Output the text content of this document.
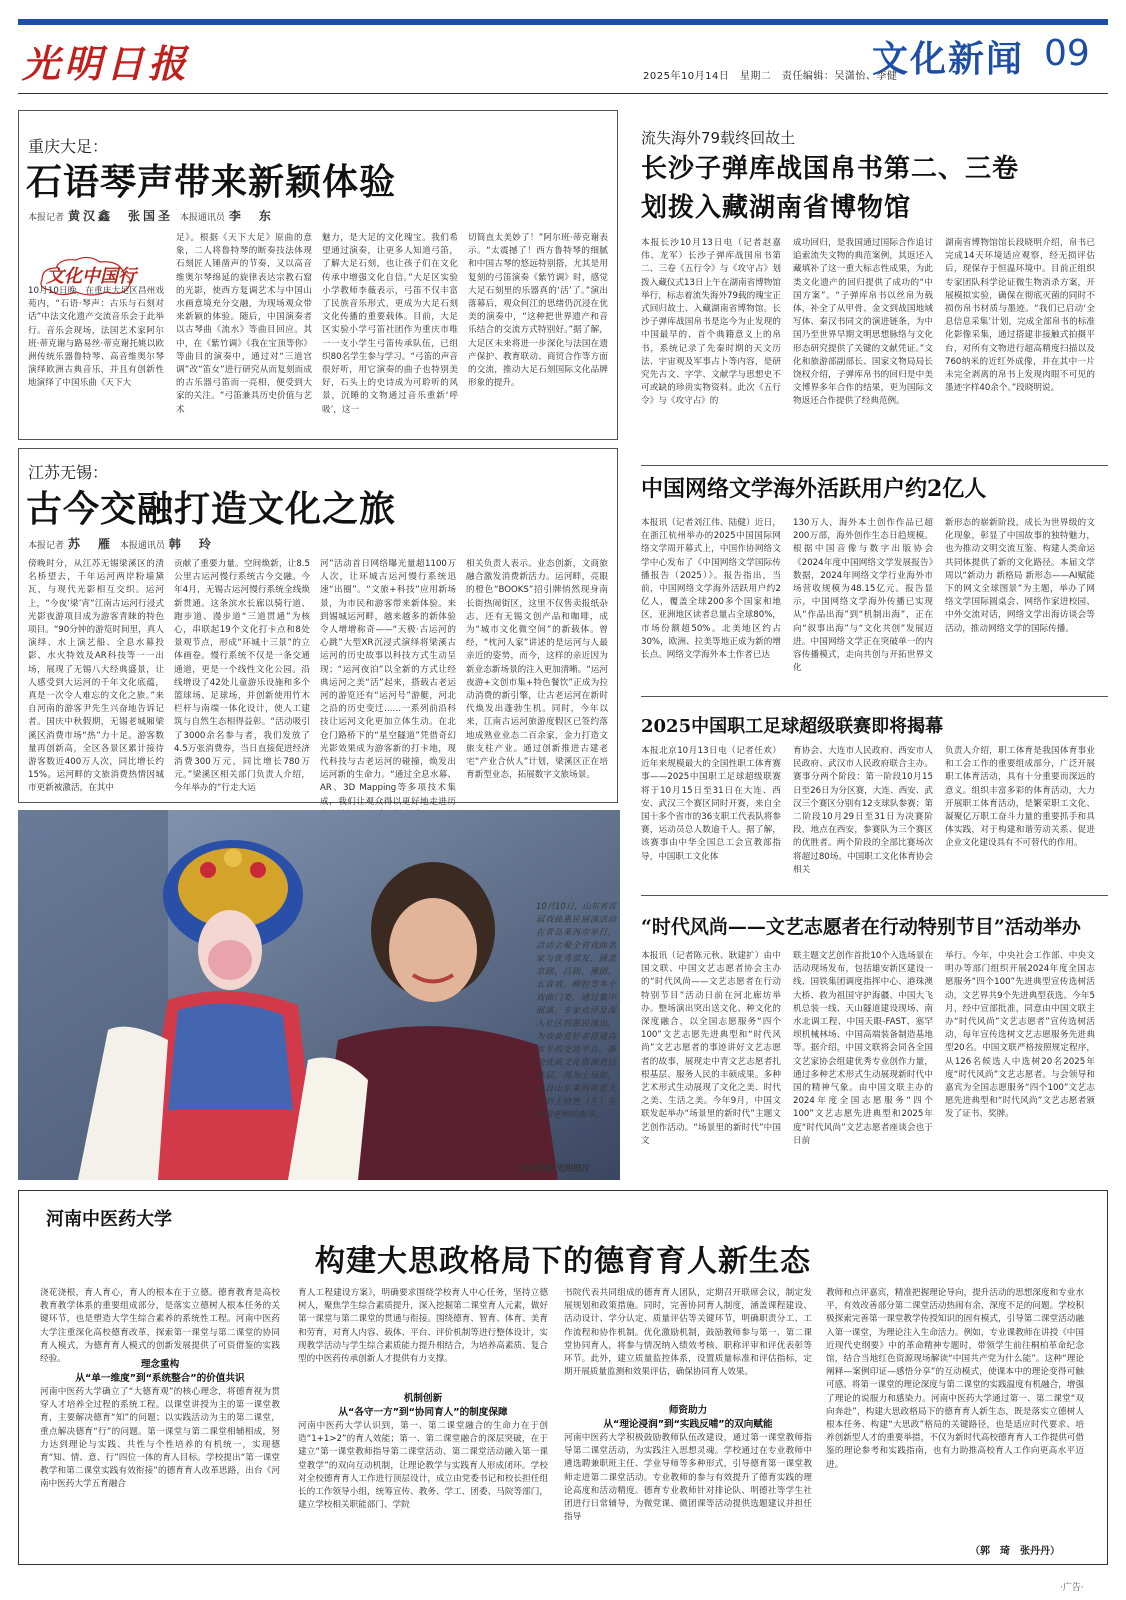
光明日报	2025年10月14日　星期二　责任编辑：吴潇怡、李健
文化新闻 09
重庆大足：
石语琴声带来新颖体验
本报记者 黄汉鑫　张国圣 本报通讯员 李　东
文化中国行
10月10日晚，在重庆大足区昌州戏苑内，“石语·琴声：古乐与石刻对话”中法文化遗产交流音乐会于此举行。音乐会现场，法国艺术家阿尔班·蒂克谢与路易丝·蒂克谢托姚以欧洲传统乐器鲁特琴、高音维奥尔琴演绎欧洲古典音乐，并且有创新性地演绎了中国乐曲《天下大
足》。根据《天下大足》原曲的意象，二人将鲁特琴的断奏技法体现石刻匠人锤凿声的节奏，又以高音维奥尔琴绵延的旋律表达宗教石窟的光影，使西方复调艺术与中国山水画意境充分交融，为现场观众带来新颖的体验。随后，中国演奏者以古琴曲《流水》等曲目回应。其中，在《紫竹调》《我在宝顶等你》等曲目的演奏中，通过对“三道宫调”改“笛女”进行研究从而复刻而成的古乐器弓笛而一亮相，便受到大家的关注。“弓笛兼具历史价值与艺术
魅力，是大足的文化瑰宝。我们希望通过演奏，让更多人知道弓笛，了解大足石刻，也让孩子们在文化传承中增强文化自信。”大足区实验小学教师李薇表示，弓笛不仅丰富了民族音乐形式，更成为大足石刻文化传播的重要载体。目前，大足区实验小学弓笛社团作为重庆市唯一一支小学生弓笛传承队伍，已组织80名学生参与学习。“弓笛的声音很好听，用它演奏的曲子也特别美好，石头上的史诗成为可聆听的风景，沉睡的文物通过音乐重新‘呼吸’，这一
切简直太美妙了！”阿尔班·蒂克谢表示。“太震撼了！西方鲁特琴的细腻和中国古琴的悠远特别搭，尤其是用复刻的弓笛演奏《紫竹调》时，感觉大足石刻里的乐器真的‘活’了。”演出落幕后，观众何江的思绪仍沉浸在优美的演奏中，“这种把世界遗产和音乐结合的交流方式特别好。”据了解，大足区未来将进一步深化与法国在遗产保护、教育联动、商贸合作等方面的交流，推动大足石刻国际文化品牌形象的提升。
江苏无锡：
古今交融打造文化之旅
本报记者 苏　雁 本报通讯员 韩　玲
傍晚时分，从江苏无锡梁溪区的清名桥望去，千年运河两岸粉墙黛瓦，与现代光影相互交织。运河上，“今夜‘梁’宵”江南古运河行浸式光影夜游项目成为游客青睐的特色项目。“90分钟的游览时间里，真人演绎、水上演艺船、全息水幕投影、水火特效及AR科技等一一出场，展现了无锡八大经典盛景，让人感受到大运河的千年文化底蕴，真是一次令人难忘的文化之旅。”来自河南的游客尹先生兴奋地告诉记者。国庆中秋假期，无锡老城厢梁溪区消费市场“热”力十足。游客数量再创新高，全区各景区累计接待游客数近400万人次，同比增长约15%。运河畔的文旅消费热情因城市更新被激活，在其中
贡献了重要力量。空间焕新，让8.5公里古运河慢行系统古今交融。今年4月，无锡古运河慢行系统全线焕新贯通。这条滨水长廊以骑行道、跑步道、漫步道“三道贯通”为核心，串联起19个文化打卡点和8处景观节点，形成“环城十三景”的立体画卷。慢行系统不仅是一条交通通道，更是一个线性文化公园。沿线增设了42处儿童游乐设施和多个篮球场、足球场，并创新使用竹木栏杆与南端一体化设计，使人工建筑与自然生态相得益彰。“活动吸引了3000余名参与者，我们发放了4.5万张消费券，当日直接促进经济消费300万元，同比增长780万元。”梁溪区相关部门负责人介绍，今年举办的“行走大运
河”活动首日网络曝光量超1100万人次，让环城古运河慢行系统迅速“出圈”。“文旅+科技”应用新场景，为市民和游客带来新体验。来到锡城运河畔，越来越多的新体验令人增增称奇——“天极·古运河的心跳”大型XR沉浸式演绎将梁溪古运河的历史故事以科技方式生动呈现；“运河夜泊”以全新的方式让经典运河之美“活”起来，搭载古老运河的游览还有“运河号”游艇，河北之沿的历史变迁……一系列前沿科技让运河文化更加立体生动。在北仓门路桥下的“星空隧道”凭借奇幻光影效果成为游客新的打卡地，现代科技与古老运河的碰撞，焕发出运河新的生命力。“通过全息水幕、AR、3D Mapping等多项技术集成，我们让观众得以更好地走进历
相关负责人表示。业态创新，文商旅融合激发消费新活力。运河畔，亮眼的橙色“BOOKS”招引牌悄然现身南长街热闹街区，这里不仅售卖报纸杂志，还有无锡文创产品和咖啡，成为“城市文化微空间”的新载体。曾经，“枕河人家”讲述的是运河与人最亲近的姿势，而今，这样的亲近因为新业态新场景的注入更加清晰。“运河夜游+文创市集+特色餐饮”正成为拉动消费的新引擎，让古老运河在新时代焕发出蓬勃生机。同时，今年以来，江南古运河旅游度假区已签约落地成熟业业态二百余家，金力打造文旅支柱产业。通过创新推进古建老宅“产业合伙人”计划，梁溪区正在培育新型业态，拓展数字文旅场景。
10月10日，山东省首届戏曲惠民展演活动在青岛莱西市举行。活动会聚全省戏曲名家与优秀票友，涵盖京剧、吕剧、豫剧、五音戏、柳腔等多个戏曲门类，通过集中展演、专家点评及深入社区的惠民演出，为戏曲爱好者搭建高水平的交流平台，推动优质文化资源直达基层。图为上场前，来自山东莱西师范大学的王晓艳（左）在接受老师的指导。
张进刚摄/光明图片
流失海外79载终回故土
长沙子弹库战国帛书第二、三卷
划拨入藏湖南省博物馆
本报长沙10月13日电（记者赵嘉伟、龙军）长沙子弹库战国帛书第二、三卷《五行令》与《攻守占》划拨入藏仪式13日上午在湖南省博物馆举行，标志着流失海外79载的瑰宝正式回归故土、入藏湖南省博物馆。长沙子弹库战国帛书是迄今为止发现的中国最早的、首个典籍意义上的帛书，系统记录了先秦时期的天文历法、宇宙观及军事占卜等内容，是研究先古文、字学、文献学与思想史不可或缺的珍贵实物资料。此次《五行令》与《攻守占》的
成功回归，是我国通过国际合作追讨追索流失文物的典范案例，其返还入藏填补了这一重大标志性成果，为此类文化遗产的回归提供了成功的“中国方案”。“子弹库帛书以丝帛为载体，补全了从甲骨、金文到战国地域写体、秦汉书同文的演进链条，为中国乃至世界早期文明思想脉络与文化形态研究提供了关键的文献凭证。”文化和旅游部副部长、国家文物局局长饶权介绍，子弹库帛书的回归是中美文博界多年合作的结果，更为国际文物返还合作提供了经典范例。
湖南省博物馆馆长段晓明介绍，帛书已完成14天环境适应观察，经无损评估后，现保存于恒温环境中。目前正组织专家团队科学论证微生物消杀方案，开展模拟实验，确保在彻底灭菌的同时不损伤帛书材质与墨迹。“我们已启动‘全息信息采集’计划，完成全部帛书的标准化影像采集，通过搭建非接触式拍摄平台，对所有文物进行超高精度扫描以及760纳米的近红外成像，并在其中一片未完全剥离的帛书上发现肉眼不可见的墨迹字样40余个。”段晓明说。
中国网络文学海外活跃用户约2亿人
本报讯（记者刘江伟、陆健）近日，在浙江杭州举办的2025中国国际网络文学周开幕式上，中国作协网络文学中心发布了《中国网络文学国际传播报告（2025）》。报告指出，当前，中国网络文学海外活跃用户约2亿人，覆盖全球200多个国家和地区，亚洲地区读者总量占全球80%，市场份额超50%。北美地区约占30%，欧洲、拉美等地正成为新的增长点。网络文学海外本土作者已达
130万人，海外本土创作作品已超200万部，海外创作生态日趋规模。根据中国音像与数字出版协会《2024年度中国网络文学发展报告》数据，2024年网络文学行业海外市场营收规模为48.15亿元。报告显示，中国网络文学海外传播已实现从“作品出海”到“机制出海”，正在向“叙事出海”与“文化共创”发展迈进。中国网络文学正在突破单一的内容传播模式，走向共创与开拓世界文化
新形态的崭新阶段，成长为世界级的文化现象，彰显了中国故事的独特魅力，也为推动文明交流互鉴、构建人类命运共同体提供了新的文化路径。本届文学周以“新动力 新格局 新形态——AI赋能下的网文全球图景”为主题，举办了网络文学国际圆桌会、网络作家进校园、中外交流对话，网络文学出海访谈会等活动，推动网络文学的国际传播。
2025中国职工足球超级联赛即将揭幕
本报北京10月13日电（记者任欢）近年来规模最大的全国性职工体育赛事——2025中国职工足球超级联赛将于10月15日至31日在大连、西安、武汉三个赛区同时开赛，来自全国十多个省市的36支职工代表队将参赛，运动员总人数逾千人。据了解，该赛事由中华全国总工会宣教部指导，中国职工文化体
育协会、大连市人民政府、西安市人民政府、武汉市人民政府联合主办。赛事分两个阶段：第一阶段10月15日至26日为分区赛，大连、西安、武汉三个赛区分别有12支球队参赛；第二阶段10月29日至31日为决赛阶段，地点在西安，参赛队为三个赛区的优胜者。两个阶段的全部比赛场次将超过80场。中国职工文化体育协会相关
负责人介绍，职工体育是我国体育事业和工会工作的重要组成部分，广泛开展职工体育活动，具有十分重要而深远的意义。组织丰富多彩的体育活动，大力开展职工体育活动，是繁荣职工文化、凝聚亿万职工奋斗力量的重要抓手和具体实践，对于构建和谐劳动关系、促进企业文化建设具有不可替代的作用。
“时代风尚——文艺志愿者在行动特别节目”活动举办
本报讯（记者陈元秋、耿建扩）由中国文联、中国文艺志愿者协会主办的“时代风尚——文艺志愿者在行动特别节目”活动日前在河北廊坊举办。整场演出突出送文化、种文化的深度融合，以全国志愿服务“四个100”文艺志愿先进典型和“时代风尚”文艺志愿者的事迹讲好文艺志愿者的故事，展现走中青文艺志愿者扎根基层、服务人民的丰硕成果。多种艺术形式生动展现了文化之美、时代之美、生活之美。今年9月，中国文联发起举办“场景里的新时代”主题文艺创作活动。“场景里的新时代”中国文
联主题文艺创作首批10个入选场景在活动现场发布，包括雄安新区建设一线、国铁集团调度指挥中心、港珠澳大桥、救为祖国守护海疆、中国大飞机总装一线、天山隧道建设现场、南水北调工程、中国天眼-FAST、塞罕坝机械林场、中国高端装备制造基地等。据介绍，中国文联将会同各全国文艺家协会组建优秀专业创作力量，通过多种艺术形式生动展现新时代中国的精神气象。由中国文联主办的2024年度全国志愿服务“四个100”文艺志愿先进典型和2025年度“时代风尚”文艺志愿者座谈会也于日前
举行。今年，中央社会工作部、中央文明办等部门组织开展2024年度全国志愿服务“四个100”先进典型宣传选树活动，文艺界共9个先进典型获选。今年5月，经中宣部批准，同意由中国文联主办“时代风尚”文艺志愿者”宣传选树活动，每年宣传选树文艺志愿服务先进典型20名。中国文联严格按照规定程序，从126名候选人中选树20名2025年度“时代风尚”文艺志愿者。与会领导和嘉宾为全国志愿服务“四个100”文艺志愿先进典型和“时代风尚”文艺志愿者颁发了证书、奖牌。
河南中医药大学
构建大思政格局下的德育育人新生态
浇花浇根，育人育心，育人的根本在于立德。德育教育是高校教育教学体系的重要组成部分，是落实立德树人根本任务的关键环节，也是塑造大学生综合素养的系统性工程。河南中医药大学注重深化高校德育改革，探索第一课堂与第二课堂的协同育人模式，为德育育人模式的创新发展提供了可资借鉴的实践经验。	理念重构
从“单一维度”到“系统整合”的价值共识
河南中医药大学确立了“大德育观”的核心理念，将德育视为贯穿人才培养全过程的系统工程。以课堂讲授为主的第一课堂教育，主要解决德育“知”的问题；以实践活动为主的第二课堂，重点解决德育“行”的问题。第一课堂与第二课堂相辅相成，努力达到理论与实践、共性与个性培养的有机统一，实现德育“知、情、意、行”四位一体的育人目标。学校提出“第一课堂教学和第二课堂实践有效衔接”的德育育人改革思路，出台《河南中医药大学五育融合
育人工程建设方案》，明确要求围绕学校育人中心任务，坚持立德树人，聚焦学生综合素质提升，深入挖掘第二课堂育人元素，做好第一课堂与第二课堂的贯通与衔接。围绕德育、智育、体育、美育和劳育，对育人内容、载体、平台、评价机制等进行整体设计，实现教学活动与学生综合素质能力提升相结合，为培养高素质、复合型的中医药传承创新人才提供有力支撑。
机制创新
从“各守一方”到“协同育人”的制度保障
河南中医药大学认识到，第一、第二课堂融合的生命力在于创造“1+1>2”的育人效能；第一、第二课堂融合的深层突破，在于建立“第一课堂教师指导第二课堂活动、第二课堂活动融入第一课堂教学”的双向互动机制，让理论教学与实践育人形成闭环。学校对全校德育育人工作进行顶层设计，成立由党委书记和校长担任组长的工作领导小组，统筹宣传、教务、学工、团委、马院等部门，建立学校相关职能部门、学院
书院代表共同组成的德育育人团队，定期召开联席会议，制定发展规划和政策措施。同时，完善协同育人制度，涵盖课程建设、活动设计、学分认定、质量评估等关键环节，明确职责分工、工作流程和协作机制。优化激励机制，鼓励教师参与第一、第二课堂协同育人，将参与情况纳入绩效考核、职称评审和评优表彰等环节。此外，建立质量监控体系，设置质量标准和评估指标，定期开展质量监测和效果评估，确保协同育人效果。
师资助力
从“理论浸润”到“实践反哺”的双向赋能
河南中医药大学积极鼓励教师队伍改建设，通过第一课堂教师指导第二课堂活动，为实践注入思想灵魂。学校通过在专业教师中遴选聘兼职班主任、学业导师等多种形式，引导德育第一课堂教师走进第二课堂活动。专业教师的参与有效提升了德育实践的理论高度和活动精度。德育专业教师针对排论队、明德社等学生社团进行日常辅导，为微党课、微团课等活动提供选题建议并担任指导
教师和点评嘉宾，精准把握理论导向，提升活动的思想深度和专业水平，有效改善部分第二课堂活动热闹有余、深度不足的问题。学校积极探索完善第一课堂教学传授知识的固有模式，引导第二课堂活动融入第一课堂，为理论注入生命活力。例如，专业课教师在讲授《中国近现代史纲要》中的革命精神专题时，带领学生前往桐柏革命纪念馆，结合当地红色资源现场解读“中国共产党为什么能”。这种“理论阐释—案例印证—感悟分享”的互动模式，使课本中的理论变得可触可感。将第一课堂的理论深度与第二课堂的实践温度有机融合，增强了理论的说服力和感染力。河南中医药大学通过第一、第二课堂“双向奔赴”，构建大思政格局下的德育育人新生态，既是落实立德树人根本任务、构建“大思政”格局的关键路径，也是适应时代要求、培养创新型人才的重要举措，不仅为新时代高校德育育人工作提供可借鉴的理论参考和实践指南，也有力助推高校育人工作向更高水平迈进。
（郭　琦　张丹丹）
·广告·
